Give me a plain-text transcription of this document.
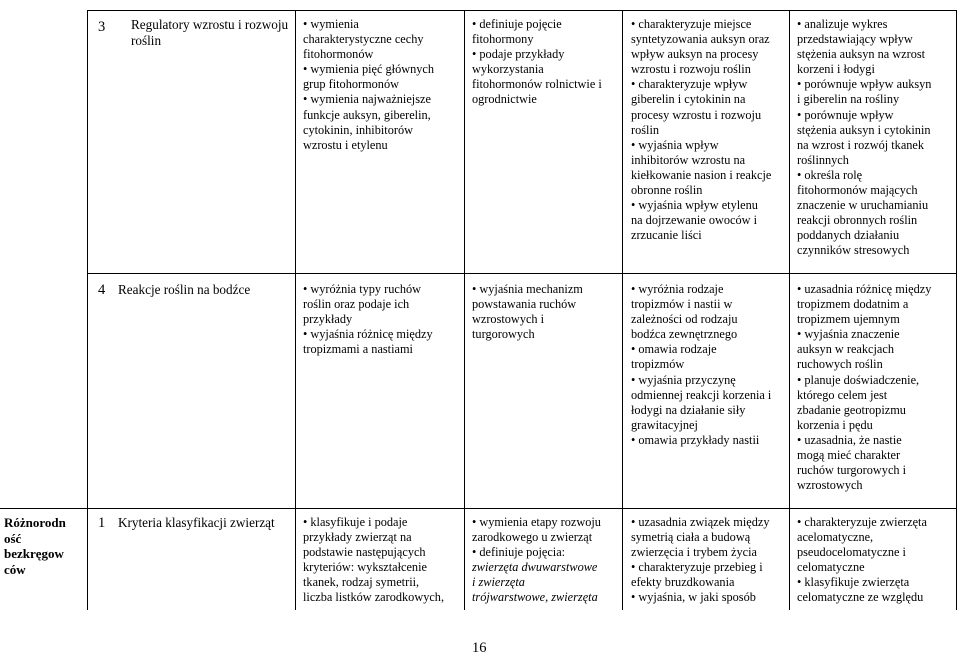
3 Regulatory wzrostu i rozwoju
roślin
• wymienia
charakterystyczne cechy
fitohormonów
• wymienia pięć głównych
grup fitohormonów
• wymienia najważniejsze
funkcje auksyn, giberelin,
cytokinin, inhibitorów
wzrostu i etylenu
• definiuje pojęcie
fitohormony
• podaje przykłady
wykorzystania
fitohormonów rolnictwie i
ogrodnictwie
• charakteryzuje miejsce
syntetyzowania auksyn oraz
wpływ auksyn na procesy
wzrostu i rozwoju roślin
• charakteryzuje wpływ
giberelin i cytokinin na
procesy wzrostu i rozwoju
roślin
• wyjaśnia wpływ
inhibitorów wzrostu na
kiełkowanie nasion i reakcje
obronne roślin
• wyjaśnia wpływ etylenu
na dojrzewanie owoców i
zrzucanie liści
• analizuje wykres
przedstawiający wpływ
stężenia auksyn na wzrost
korzeni i łodygi
• porównuje wpływ auksyn
i giberelin na rośliny
• porównuje wpływ
stężenia auksyn i cytokinin
na wzrost i rozwój tkanek
roślinnych
• określa rolę
fitohormonów mających
znaczenie w uruchamianiu
reakcji obronnych roślin
poddanych działaniu
czynników stresowych
4 Reakcje roślin na bodźce	• wyróżnia typy ruchów
roślin oraz podaje ich
przykłady
• wyjaśnia różnicę między
tropizmami a nastiami
• wyjaśnia mechanizm
powstawania ruchów
wzrostowych i
turgorowych
• wyróżnia rodzaje
tropizmów i nastii w
zależności od rodzaju
bodźca zewnętrznego
• omawia rodzaje
tropizmów
• wyjaśnia przyczynę
odmiennej reakcji korzenia i
łodygi na działanie siły
grawitacyjnej
• omawia przykłady nastii
• uzasadnia różnicę między
tropizmem dodatnim a
tropizmem ujemnym
• wyjaśnia znaczenie
auksyn w reakcjach
ruchowych roślin
• planuje doświadczenie,
którego celem jest
zbadanie geotropizmu
korzenia i pędu
• uzasadnia, że nastie
mogą mieć charakter
ruchów turgorowych i
wzrostowych
Różnorodn
ość
bezkręgow
ców
1 Kryteria klasyfikacji zwierząt	• klasyfikuje i podaje
przykłady zwierząt na
podstawie następujących
kryteriów: wykształcenie
tkanek, rodzaj symetrii,
liczba listków zarodkowych,
• wymienia etapy rozwoju
zarodkowego u zwierząt
• definiuje pojęcia:
zwierzęta dwuwarstwowe
i zwierzęta
trójwarstwowe, zwierzęta
• uzasadnia związek między
symetrią ciała a budową
zwierzęcia i trybem życia
• charakteryzuje przebieg i
efekty bruzdkowania
• wyjaśnia, w jaki sposób
• charakteryzuje zwierzęta
acelomatyczne,
pseudocelomatyczne i
celomatyczne
• klasyfikuje zwierzęta
celomatyczne ze względu
16
